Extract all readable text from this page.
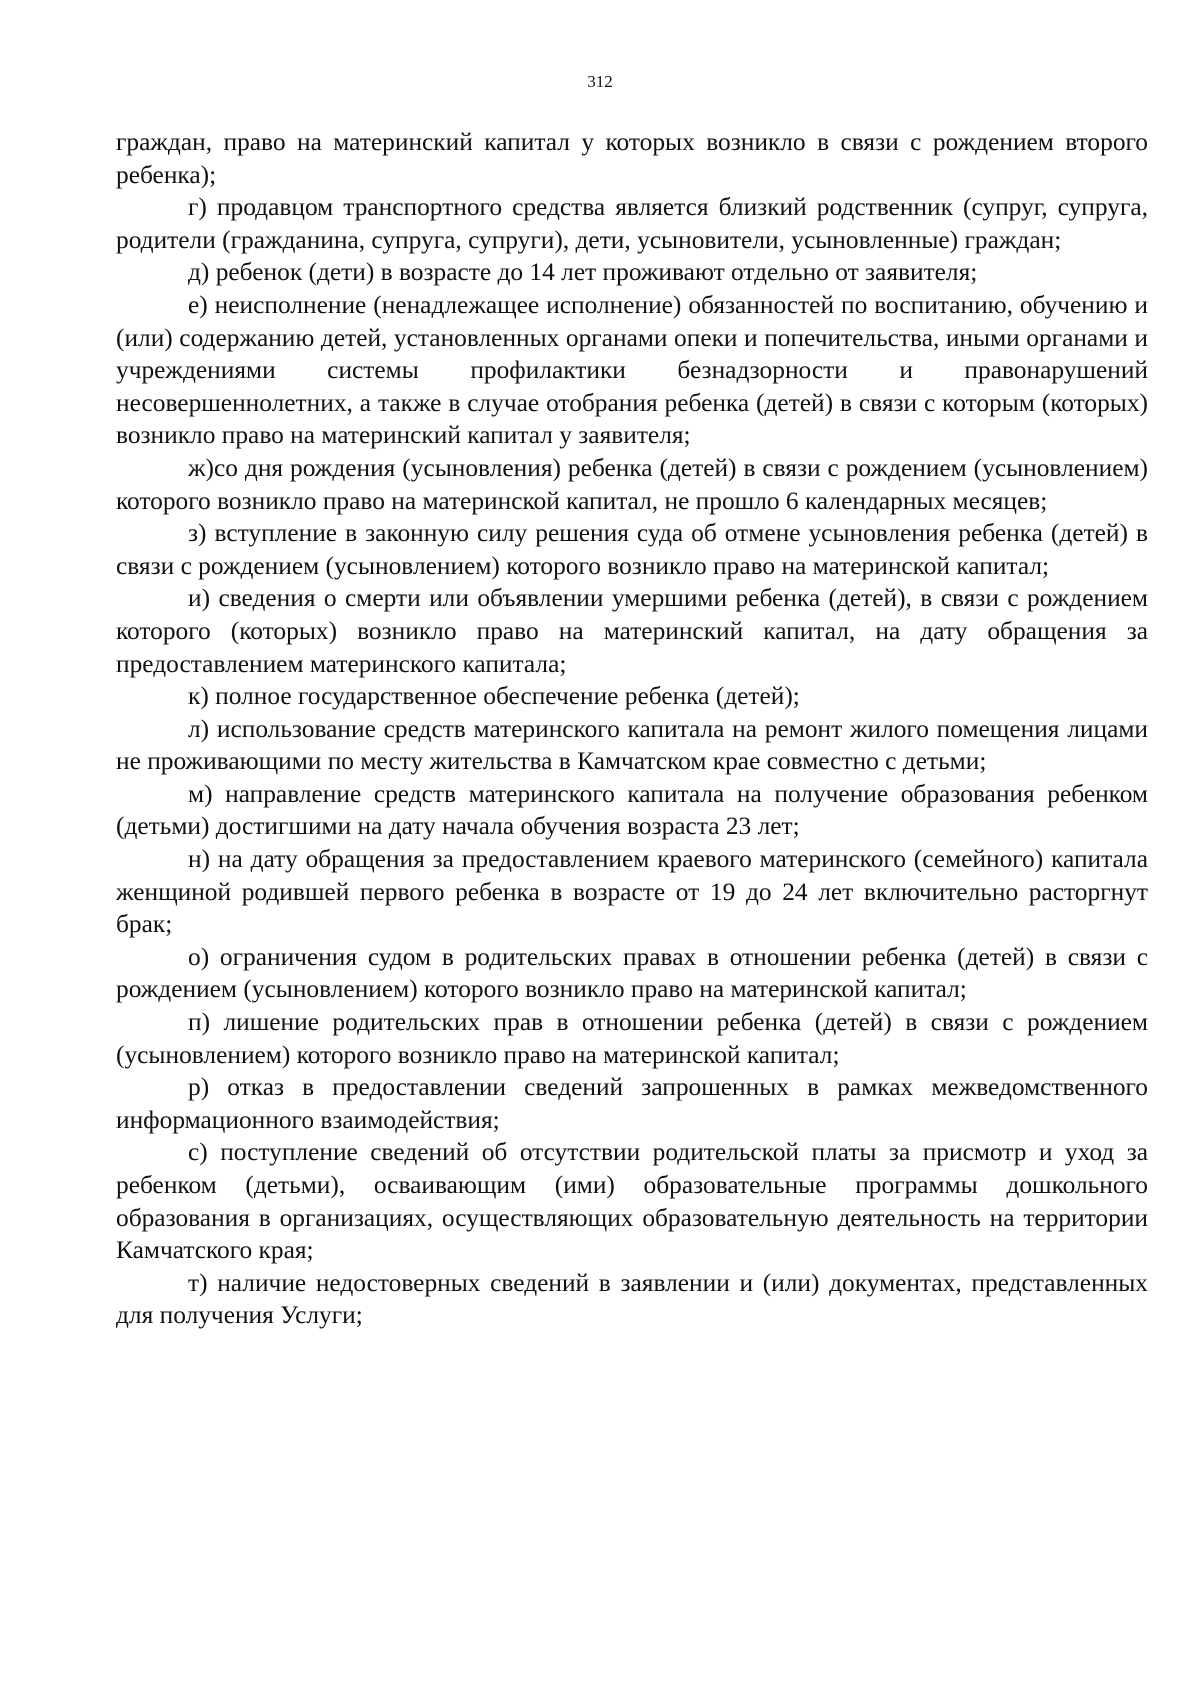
312

граждан, право на материнский капитал у которых возникло в связи с рождением второго ребенка);

г) продавцом транспортного средства является близкий родственник (супруг, супруга, родители (гражданина, супруга, супруги), дети, усыновители, усыновленные) граждан;

д) ребенок (дети) в возрасте до 14 лет проживают отдельно от заявителя;

е) неисполнение (ненадлежащее исполнение) обязанностей по воспитанию, обучению и (или) содержанию детей, установленных органами опеки и попечительства, иными органами и учреждениями системы профилактики безнадзорности и правонарушений несовершеннолетних, а также в случае отобрания ребенка (детей) в связи с которым (которых) возникло право на материнский капитал у заявителя;

ж)со дня рождения (усыновления) ребенка (детей) в связи с рождением (усыновлением) которого возникло право на материнской капитал, не прошло 6 календарных месяцев;

з) вступление в законную силу решения суда об отмене усыновления ребенка (детей) в связи с рождением (усыновлением) которого возникло право на материнской капитал;

и) сведения о смерти или объявлении умершими ребенка (детей), в связи с рождением которого (которых) возникло право на материнский капитал, на дату обращения за предоставлением материнского капитала;

к) полное государственное обеспечение ребенка (детей);

л) использование средств материнского капитала на ремонт жилого помещения лицами не проживающими по месту жительства в Камчатском крае совместно с детьми;

м) направление средств материнского капитала на получение образования ребенком (детьми) достигшими на дату начала обучения возраста 23 лет;

н) на дату обращения за предоставлением краевого материнского (семейного) капитала женщиной родившей первого ребенка в возрасте от 19 до 24 лет включительно расторгнут брак;

о) ограничения судом в родительских правах в отношении ребенка (детей) в связи с рождением (усыновлением) которого возникло право на материнской капитал;

п) лишение родительских прав в отношении ребенка (детей) в связи с рождением (усыновлением) которого возникло право на материнской капитал;

р) отказ в предоставлении сведений запрошенных в рамках межведомственного информационного взаимодействия;

с) поступление сведений об отсутствии родительской платы за присмотр и уход за ребенком (детьми), осваивающим (ими) образовательные программы дошкольного образования в организациях, осуществляющих образовательную деятельность на территории Камчатского края;

т) наличие недостоверных сведений в заявлении и (или) документах, представленных для получения Услуги;
